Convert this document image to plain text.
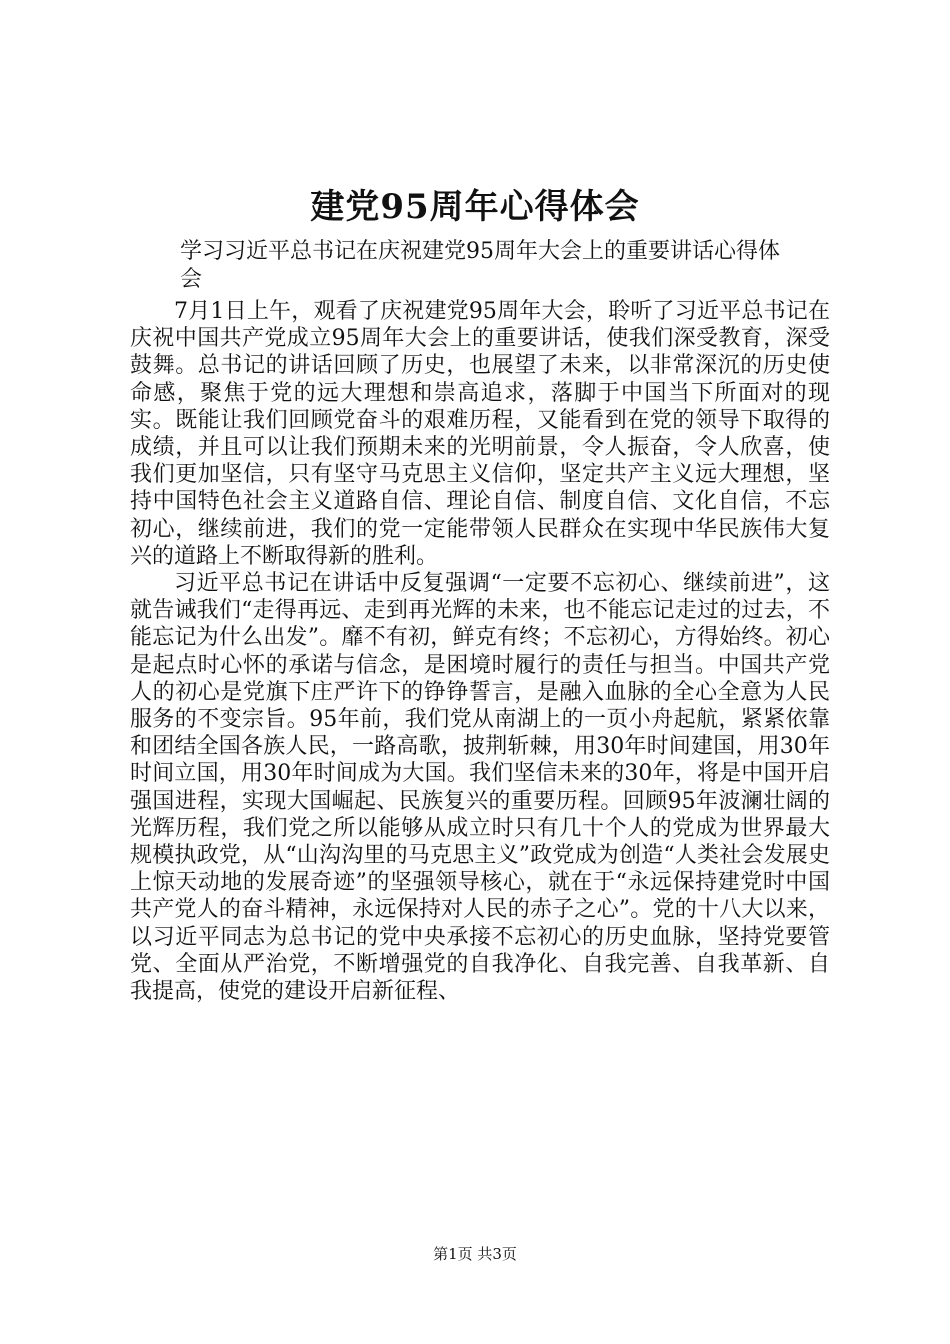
建党95周年心得体会
学习习近平总书记在庆祝建党95周年大会上的重要讲话心得体会

7月1日上午，观看了庆祝建党95周年大会，聆听了习近平总书记在庆祝中国共产党成立95周年大会上的重要讲话，使我们深受教育，深受鼓舞。总书记的讲话回顾了历史，也展望了未来，以非常深沉的历史使命感，聚焦于党的远大理想和崇高追求，落脚于中国当下所面对的现实。既能让我们回顾党奋斗的艰难历程，又能看到在党的领导下取得的成绩，并且可以让我们预期未来的光明前景，令人振奋，令人欣喜，使我们更加坚信，只有坚守马克思主义信仰，坚定共产主义远大理想，坚持中国特色社会主义道路自信、理论自信、制度自信、文化自信，不忘初心，继续前进，我们的党一定能带领人民群众在实现中华民族伟大复兴的道路上不断取得新的胜利。

习近平总书记在讲话中反复强调“一定要不忘初心、继续前进”，这就告诫我们“走得再远、走到再光辉的未来，也不能忘记走过的过去，不能忘记为什么出发”。靡不有初，鲜克有终；不忘初心，方得始终。初心是起点时心怀的承诺与信念，是困境时履行的责任与担当。中国共产党人的初心是党旗下庄严许下的铮铮誓言，是融入血脉的全心全意为人民服务的不变宗旨。95年前，我们党从南湖上的一页小舟起航，紧紧依靠和团结全国各族人民，一路高歌，披荆斩棘，用30年时间建国，用30年时间立国，用30年时间成为大国。我们坚信未来的30年，将是中国开启强国进程，实现大国崛起、民族复兴的重要历程。回顾95年波澜壮阔的光辉历程，我们党之所以能够从成立时只有几十个人的党成为世界最大规模执政党，从“山沟沟里的马克思主义”政党成为创造“人类社会发展史上惊天动地的发展奇迹”的坚强领导核心，就在于“永远保持建党时中国共产党人的奋斗精神，永远保持对人民的赤子之心”。党的十八大以来，以习近平同志为总书记的党中央承接不忘初心的历史血脉，坚持党要管党、全面从严治党，不断增强党的自我净化、自我完善、自我革新、自我提高，使党的建设开启新征程、

第1页 共3页
